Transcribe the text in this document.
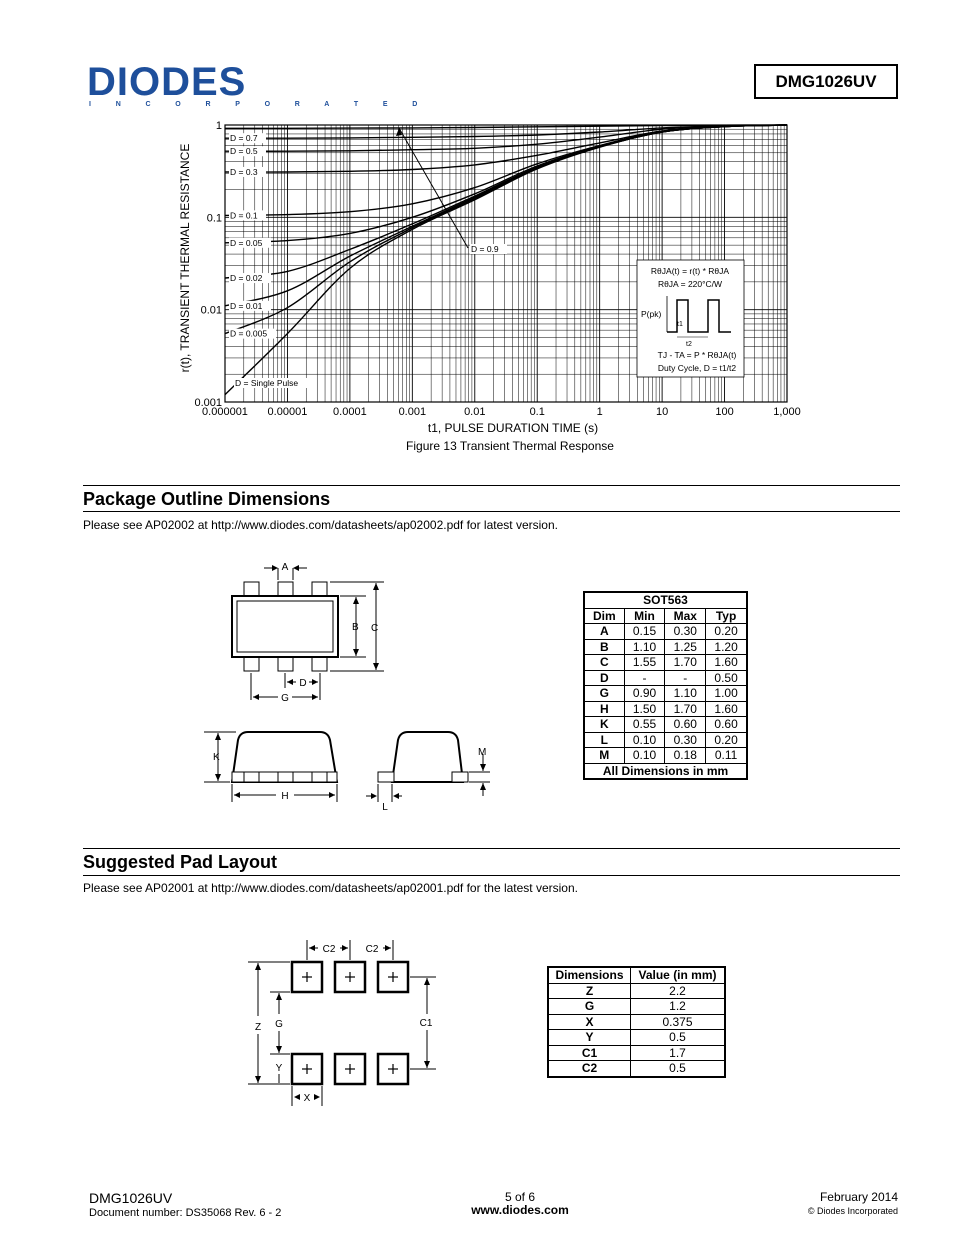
DIODES
I N C O R P O R A T E D
DMG1026UV
0.000001 0.00001 0.0001	0.001	0.01	0.1	1	10	100	1,000
1
0.1
0.01
0.001
D = 0.9
D = 0.7
D = 0.5
D = 0.3
D = 0.1
D = 0.05
D = 0.02
D = 0.01
D = 0.005
D = Single Pulse
RθJA(t) = r(t) * RθJA
RθJA = 220°C/W
P(pk)
t1
t2
TJ - TA = P * RθJA(t)
Duty Cycle, D = t1/t2
r(t), TRANSIENT THERMAL RESISTANCE
t1, PULSE DURATION TIME (s)
Figure 13 Transient Thermal Response
Package Outline Dimensions
Please see AP02002 at http://www.diodes.com/datasheets/ap02002.pdf for latest version.
A
B C
D
G
K
H
M
L
SOT563			
Dim	Min	Max	Typ
A	0.15	0.30	0.20
B	1.10	1.25	1.20
C	1.55	1.70	1.60
D	-	-	0.50
G	0.90	1.10	1.00
H	1.50	1.70	1.60
K	0.55	0.60	0.60
L	0.10	0.30	0.20
M	0.10	0.18	0.11
All Dimensions in mm			
Suggested Pad Layout
Please see AP02001 at http://www.diodes.com/datasheets/ap02001.pdf for the latest version.
C2	C2
Z G
Y
C1
X
Dimensions	Value (in mm)
Z	2.2
G	1.2
X	0.375
Y	0.5
C1	1.7
C2	0.5
DMG1026UV
Document number: DS35068 Rev. 6 - 2
5 of 6
www.diodes.com
February 2014
© Diodes Incorporated
